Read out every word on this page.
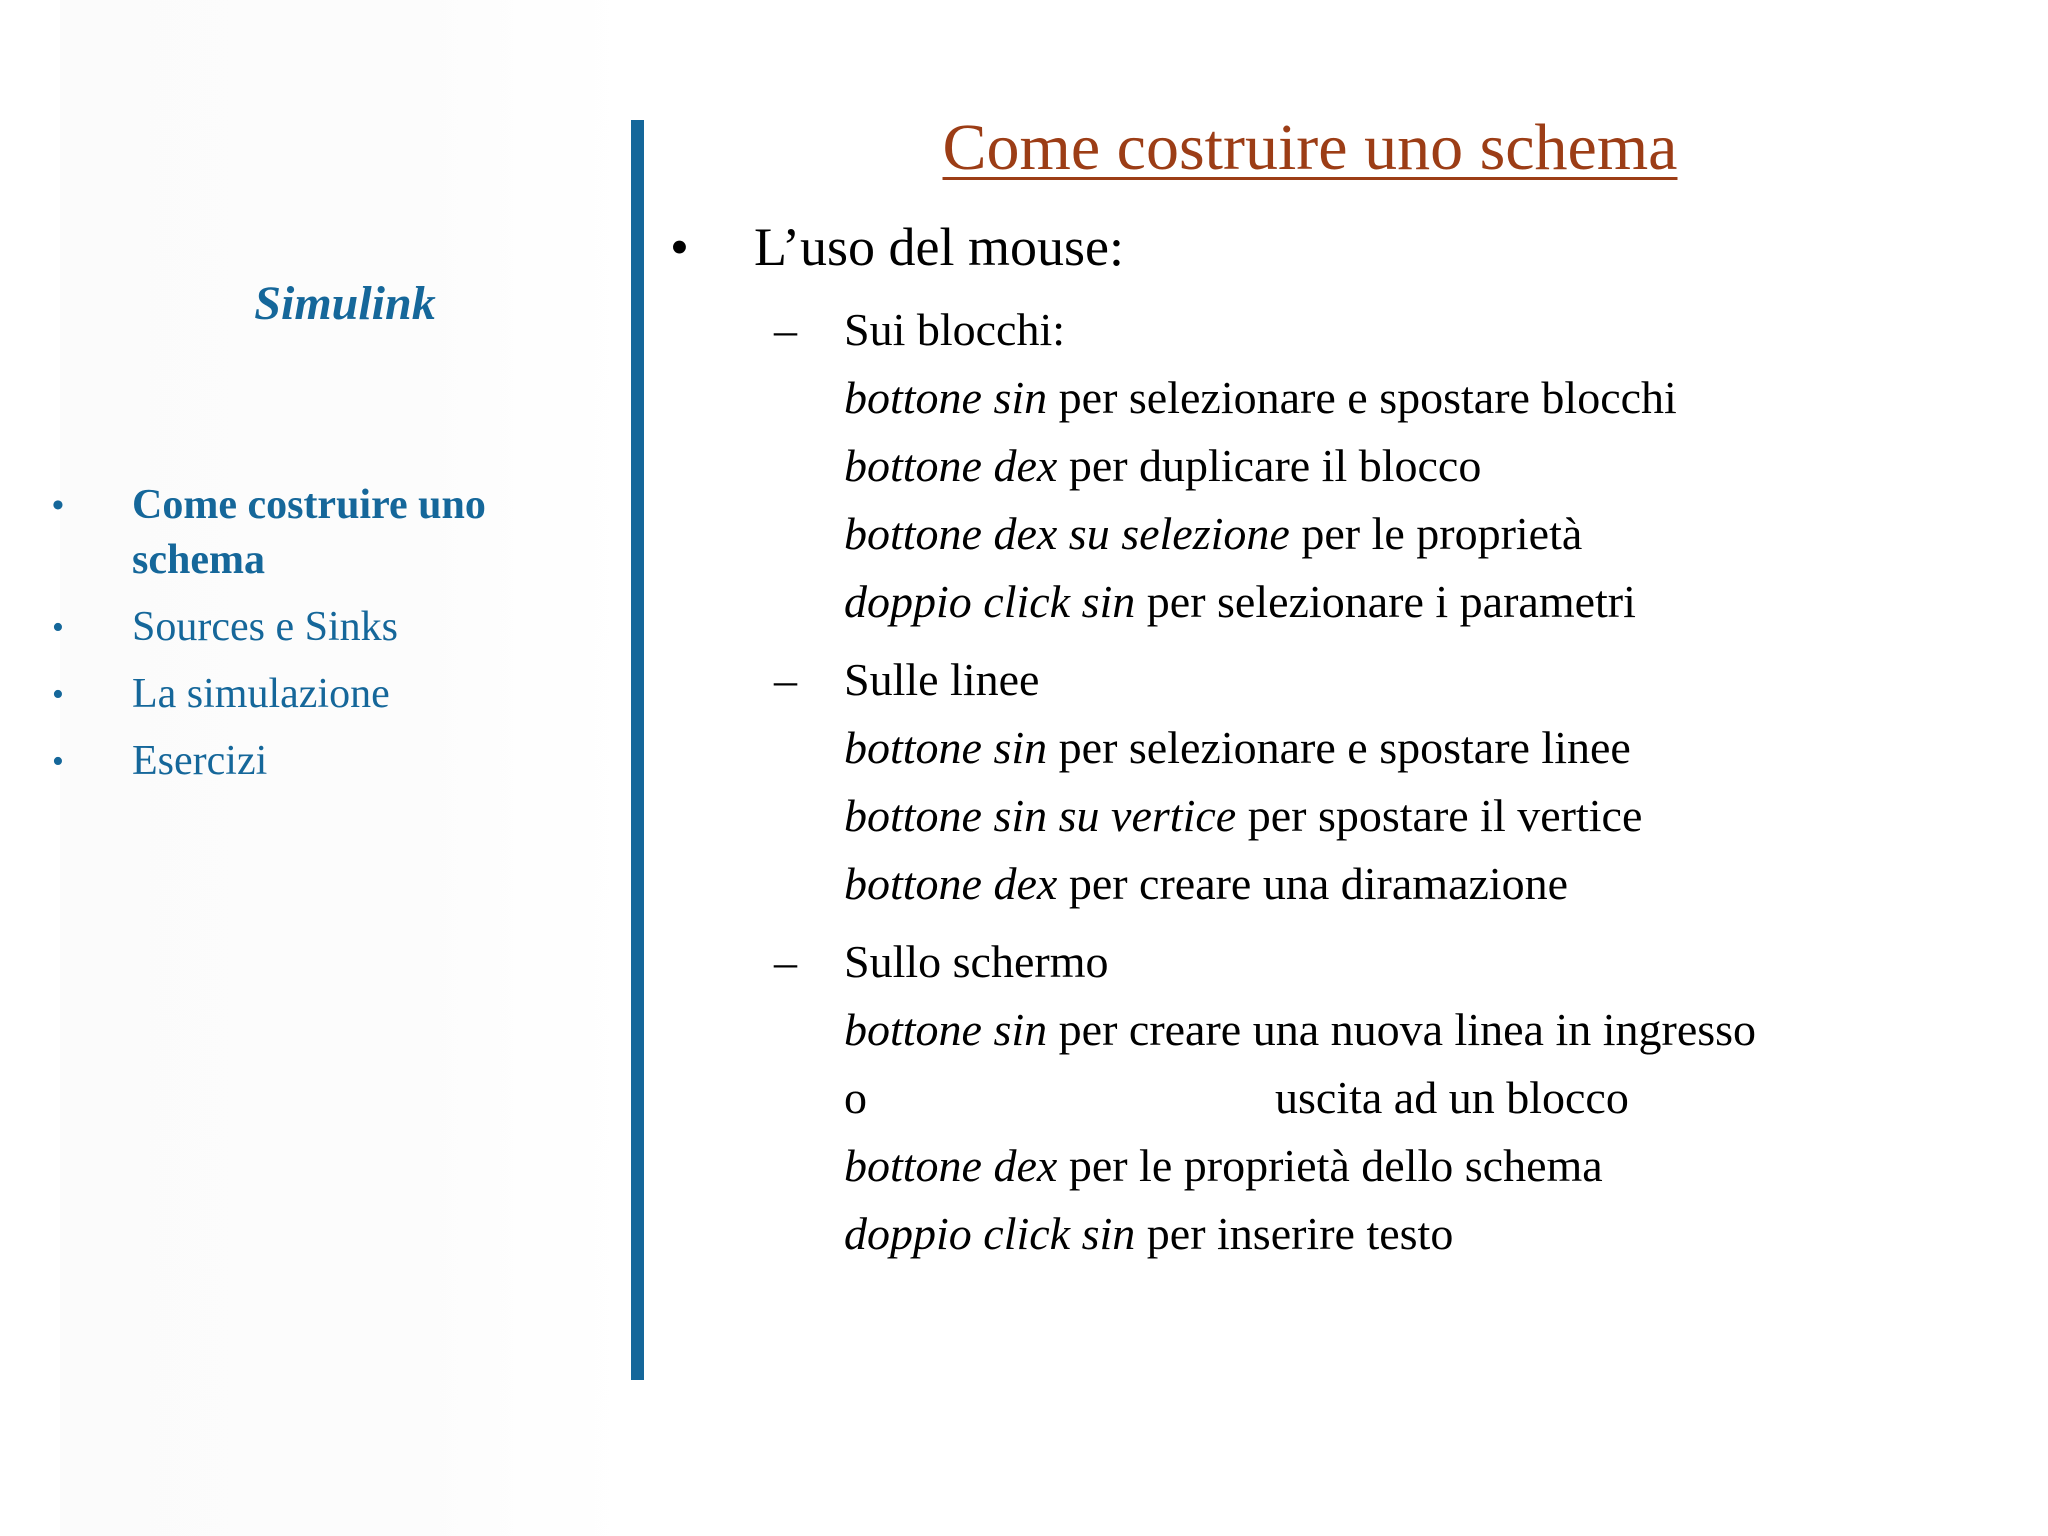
Simulink
• Come costruire uno schema
• Sources e Sinks
• La simulazione
• Esercizi
Come costruire uno schema
• L’uso del mouse:
– Sui blocchi:
bottone sin per selezionare e spostare blocchi
bottone dex per duplicare il blocco
bottone dex su selezione per le proprietà
doppio click sin per selezionare i parametri
– Sulle linee
bottone sin per selezionare e spostare linee
bottone sin su vertice per spostare il vertice
bottone dex per creare una diramazione
– Sullo schermo
bottone sin per creare una nuova linea in ingresso
o	uscita ad un blocco
bottone dex per le proprietà dello schema
doppio click sin per inserire testo
